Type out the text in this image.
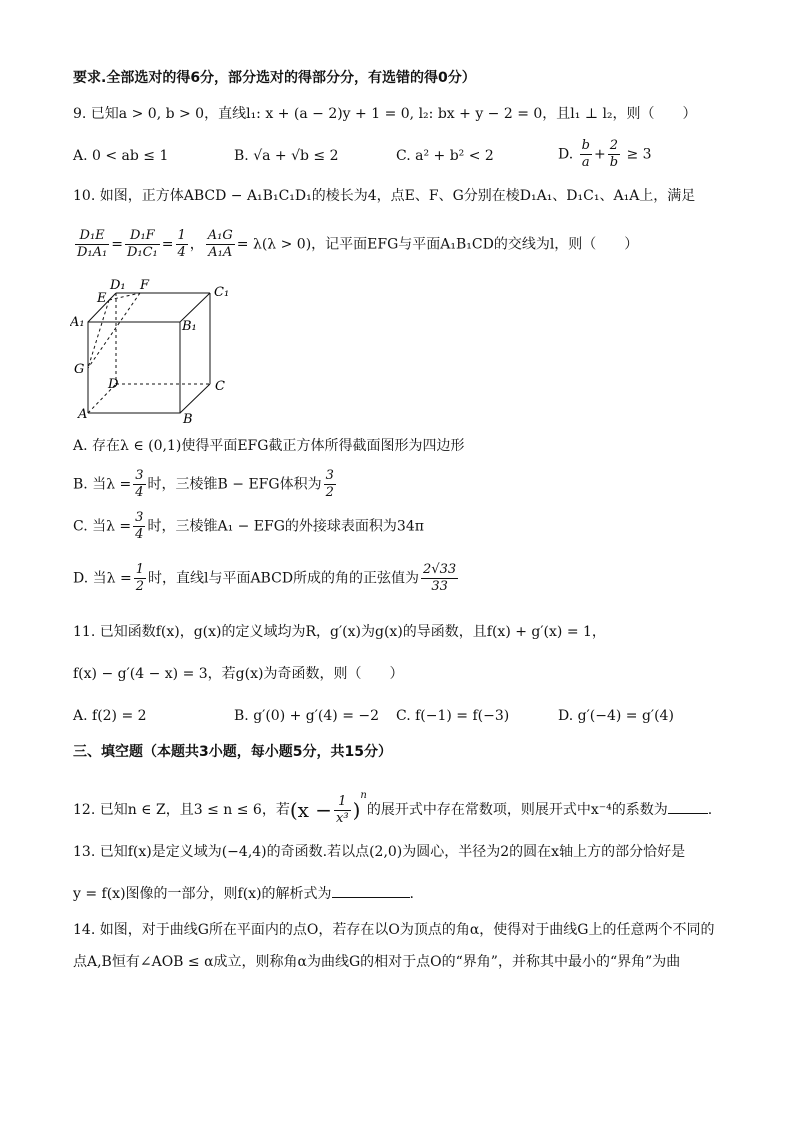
要求.全部选对的得6分，部分选对的得部分分，有选错的得0分）
9. 已知a > 0, b > 0，直线l₁: x + (a − 2)y + 1 = 0, l₂: bx + y − 2 = 0，且l₁ ⊥ l₂，则（　　）
A. 0 < ab ≤ 1	B. √a + √b ≤ 2	C. a² + b² < 2	D. $\frac{b}{a} + \frac{2}{b} \ge 3$
10. 如图，正方体ABCD − A₁B₁C₁D₁的棱长为4，点E、F、G分别在棱D₁A₁、D₁C₁、A₁A上，满足
$\frac{\text{D₁E}}{\text{D₁A₁}} = \frac{\text{D₁F}}{\text{D₁C₁}} = \frac{1}{4}$ ， $\frac{\text{A₁G}}{\text{A₁A}} = \lambda(\lambda > 0)$，记平面EFG与平面A₁B₁CD的交线为l，则（　　）
D₁ F	C₁
E
A₁	B₁
G
D	C
A	B
A. 存在λ ∈ (0,1)使得平面EFG截正方体所得截面图形为四边形
B. 当$\lambda = \frac{3}{4}$ 时，三棱锥B − EFG体积为 $\frac{3}{2}$
C. 当$\lambda = \frac{3}{4}$ 时，三棱锥A₁ − EFG的外接球表面积为34π
D. 当$\lambda = \frac{1}{2}$ 时，直线l与平面ABCD所成的角的正弦值为 $\frac{2√33}{33}$
11. 已知函数f(x)，g(x)的定义域均为R，g′(x)为g(x)的导函数，且f(x) + g′(x) = 1，
f(x) − g′(4 − x) = 3，若g(x)为奇函数，则（　　）
A. f(2) = 2	B. g′(0) + g′(4) = −2 C. f(−1) = f(−3)	D. g′(−4) = g′(4)
三、填空题（本题共3小题，每小题5分，共15分）
12. 已知n ∈ Z，且3 ≤ n ≤ 6，若$(x - \frac{1}{\text{x³}} )^n$的展开式中存在常数项，则展开式中x⁻⁴的系数为	.
13. 已知f(x)是定义域为(−4,4)的奇函数.若以点(2,0)为圆心，半径为2的圆在x轴上方的部分恰好是
y = f(x)图像的一部分，则f(x)的解析式为	.
14. 如图，对于曲线G所在平面内的点O，若存在以O为顶点的角α，使得对于曲线G上的任意两个不同的
点A,B恒有∠AOB ≤ α成立，则称角α为曲线G的相对于点O的“界角”，并称其中最小的“界角”为曲
